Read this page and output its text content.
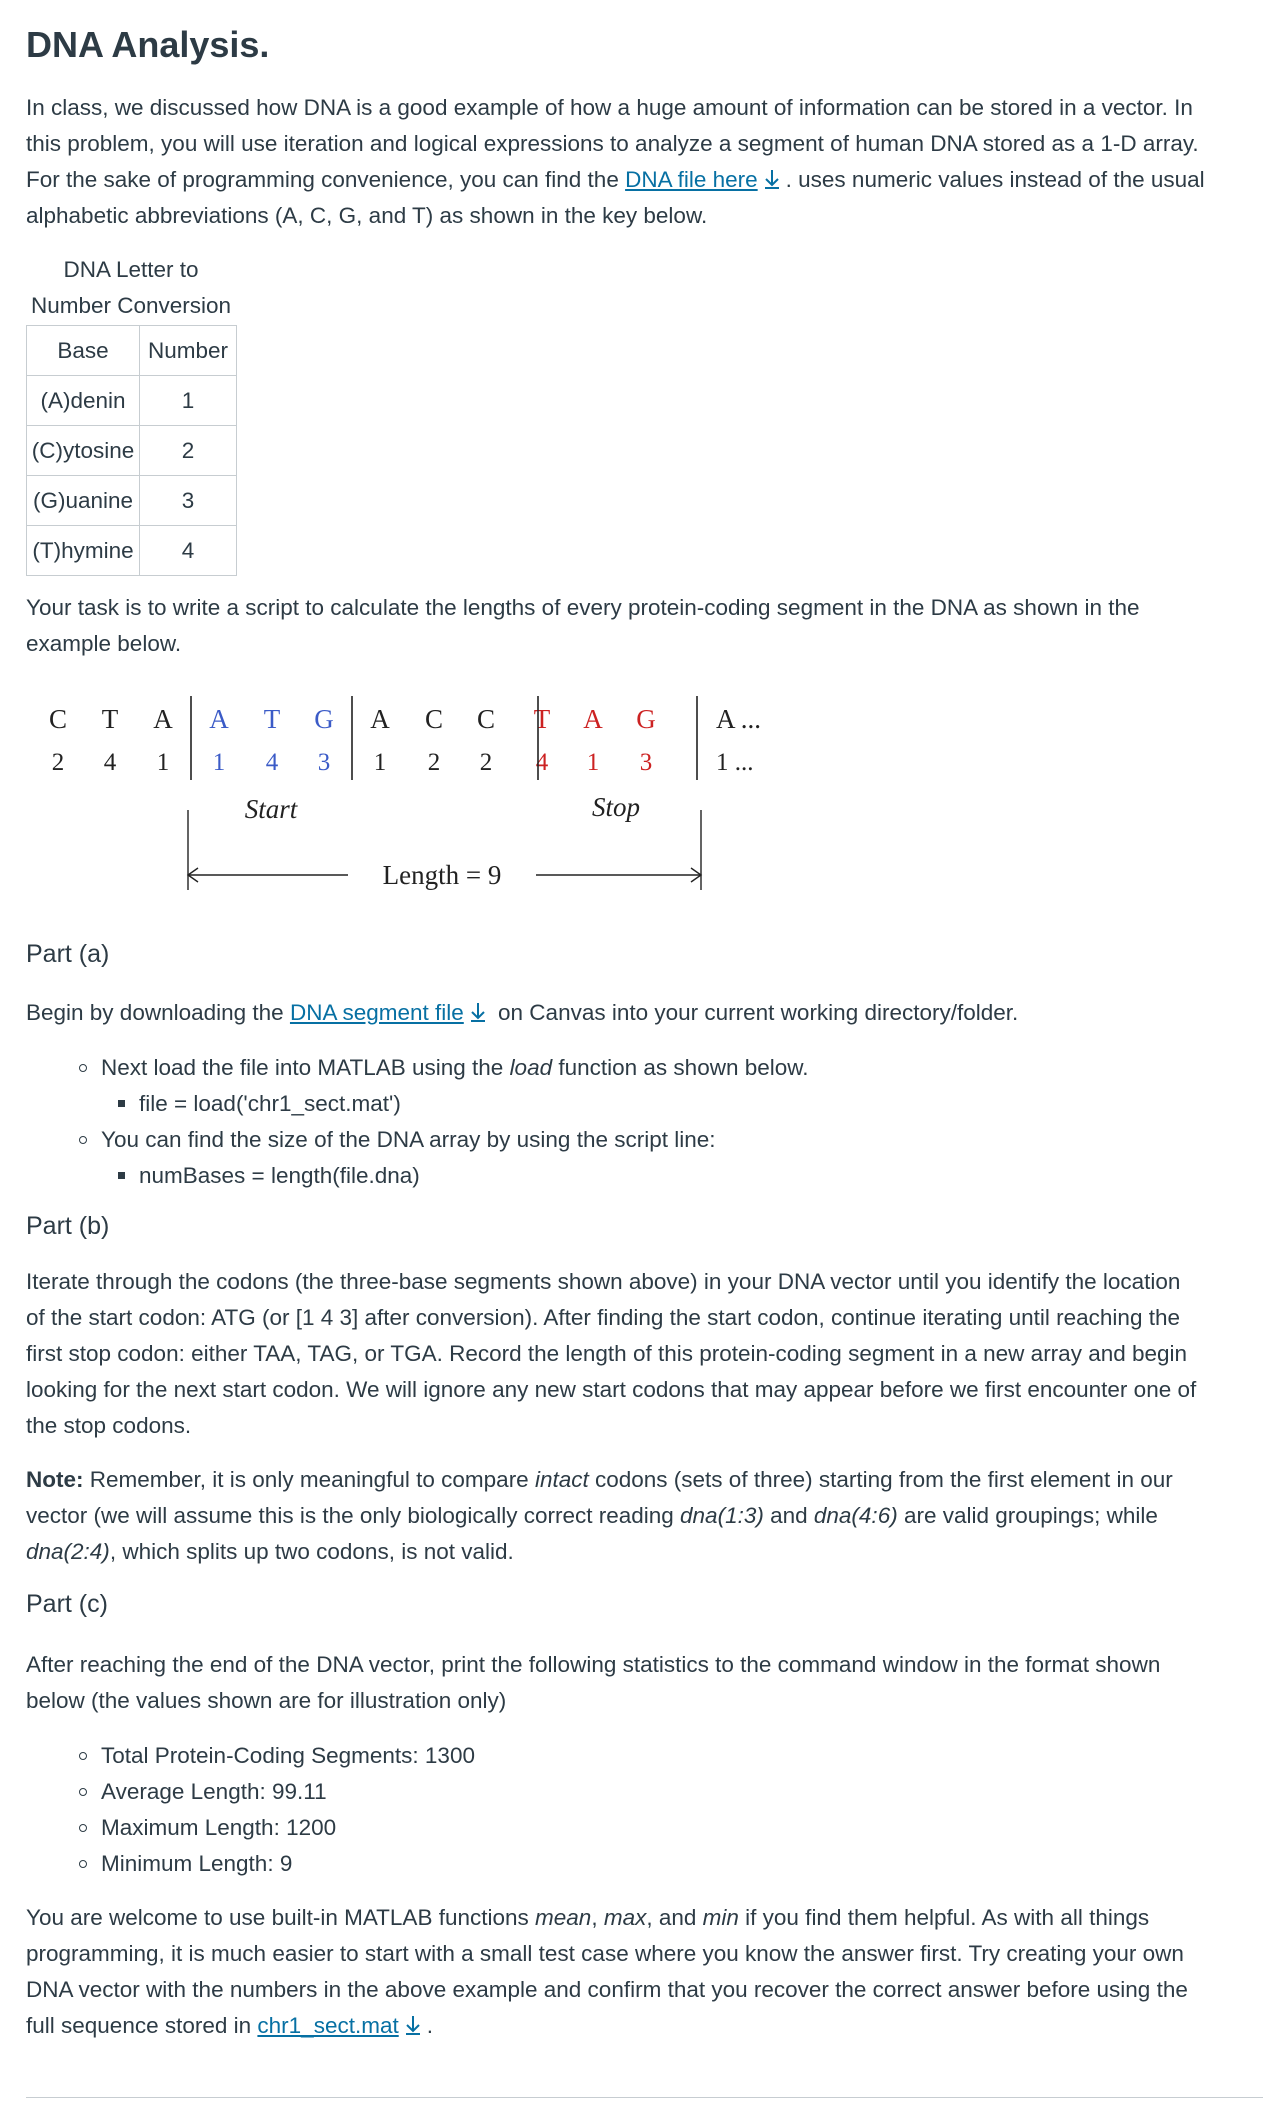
DNA Analysis.
In class, we discussed how DNA is a good example of how a huge amount of information can be stored in a vector. In
this problem, you will use iteration and logical expressions to analyze a segment of human DNA stored as a 1-D array.
For the sake of programming convenience, you can find the DNA file here . uses numeric values instead of the usual
alphabetic abbreviations (A, C, G, and T) as shown in the key below.
DNA Letter to
Number Conversion
Base	Number
(A)denin	1
(C)ytosine	2
(G)uanine	3
(T)hymine	4
Your task is to write a script to calculate the lengths of every protein-coding segment in the DNA as shown in the
example below.
C T A A T G A C C T A G A ...
2 4 1 1 4 3 1 2 2 4 1 3	1 ...
Start	Stop
Length = 9
Part (a)
Begin by downloading the DNA segment file on Canvas into your current working directory/folder.
Next load the file into MATLAB using the load function as shown below.
file = load('chr1_sect.mat')
You can find the size of the DNA array by using the script line:
numBases = length(file.dna)
Part (b)
Iterate through the codons (the three-base segments shown above) in your DNA vector until you identify the location
of the start codon: ATG (or [1 4 3] after conversion). After finding the start codon, continue iterating until reaching the
first stop codon: either TAA, TAG, or TGA. Record the length of this protein-coding segment in a new array and begin
looking for the next start codon. We will ignore any new start codons that may appear before we first encounter one of
the stop codons.
Note: Remember, it is only meaningful to compare intact codons (sets of three) starting from the first element in our
vector (we will assume this is the only biologically correct reading dna(1:3) and dna(4:6) are valid groupings; while
dna(2:4), which splits up two codons, is not valid.
Part (c)
After reaching the end of the DNA vector, print the following statistics to the command window in the format shown
below (the values shown are for illustration only)
Total Protein-Coding Segments: 1300
Average Length: 99.11
Maximum Length: 1200
Minimum Length: 9
You are welcome to use built-in MATLAB functions mean, max, and min if you find them helpful. As with all things
programming, it is much easier to start with a small test case where you know the answer first. Try creating your own
DNA vector with the numbers in the above example and confirm that you recover the correct answer before using the
full sequence stored in chr1_sect.mat .
